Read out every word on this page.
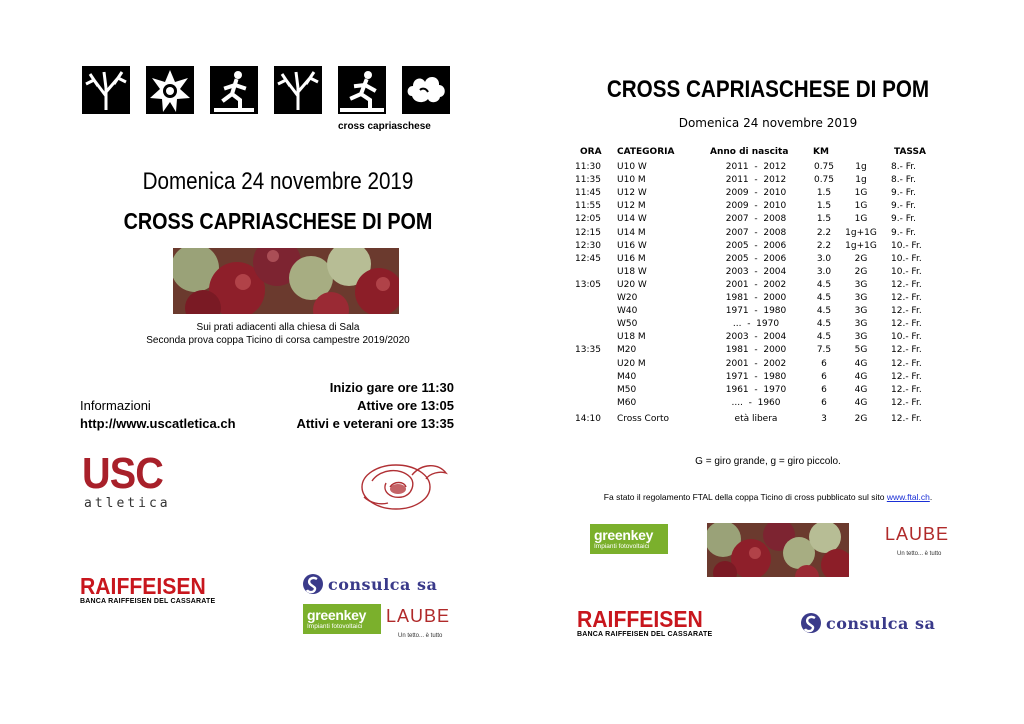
cross capriaschese
Domenica 24 novembre 2019
CROSS CAPRIASCHESE DI POM
Sui prati adiacenti alla chiesa di Sala
Seconda prova coppa Ticino di corsa campestre 2019/2020
Inizio gare ore 11:30
Attive ore 13:05
Attivi e veterani ore 13:35
Informazioni
http://www.uscatletica.ch
USC
atletica
RAIFFEISEN
BANCA RAIFFEISEN DEL CASSARATE
consulca sa
greenkey
Impianti fotovoltaici
LAUBE
Un tetto... è tutto
CROSS CAPRIASCHESE DI POM
Domenica 24 novembre 2019
ORA CATEGORIA	Anno di nascita	KM	TASSA
11:30 U10 W	2011  -  2012	0.75	1g	8.- Fr.
11:35 U10 M	2011  -  2012	0.75	1g	8.- Fr.
11:45 U12 W	2009  -  2010	1.5	1G	9.- Fr.
11:55 U12 M	2009  -  2010	1.5	1G	9.- Fr.
12:05 U14 W	2007  -  2008	1.5	1G	9.- Fr.
12:15 U14 M	2007  -  2008	2.2	1g+1G	9.- Fr.
12:30 U16 W	2005  -  2006	2.2	1g+1G	10.- Fr.
12:45 U16 M	2005  -  2006	3.0	2G	10.- Fr.
U18 W	2003  -  2004	3.0	2G	10.- Fr.
13:05 U20 W	2001  -  2002	4.5	3G	12.- Fr.
W20	1981  -  2000	4.5	3G	12.- Fr.
W40	1971  -  1980	4.5	3G	12.- Fr.
W50	...  -  1970	4.5	3G	12.- Fr.
U18 M	2003  -  2004	4.5	3G	10.- Fr.
13:35 M20	1981  -  2000	7.5	5G	12.- Fr.
U20 M	2001  -  2002	6	4G	12.- Fr.
M40	1971  -  1980	6	4G	12.- Fr.
M50	1961  -  1970	6	4G	12.- Fr.
M60	....  -  1960	6	4G	12.- Fr.
14:10 Cross Corto	età libera	3	2G	12.- Fr.
G = giro grande, g = giro piccolo.
Fa stato il regolamento FTAL della coppa Ticino di cross pubblicato sul sito www.ftal.ch.
greenkey
Impianti fotovoltaici
LAUBE
Un tetto... è tutto
RAIFFEISEN
BANCA RAIFFEISEN DEL CASSARATE
consulca sa
